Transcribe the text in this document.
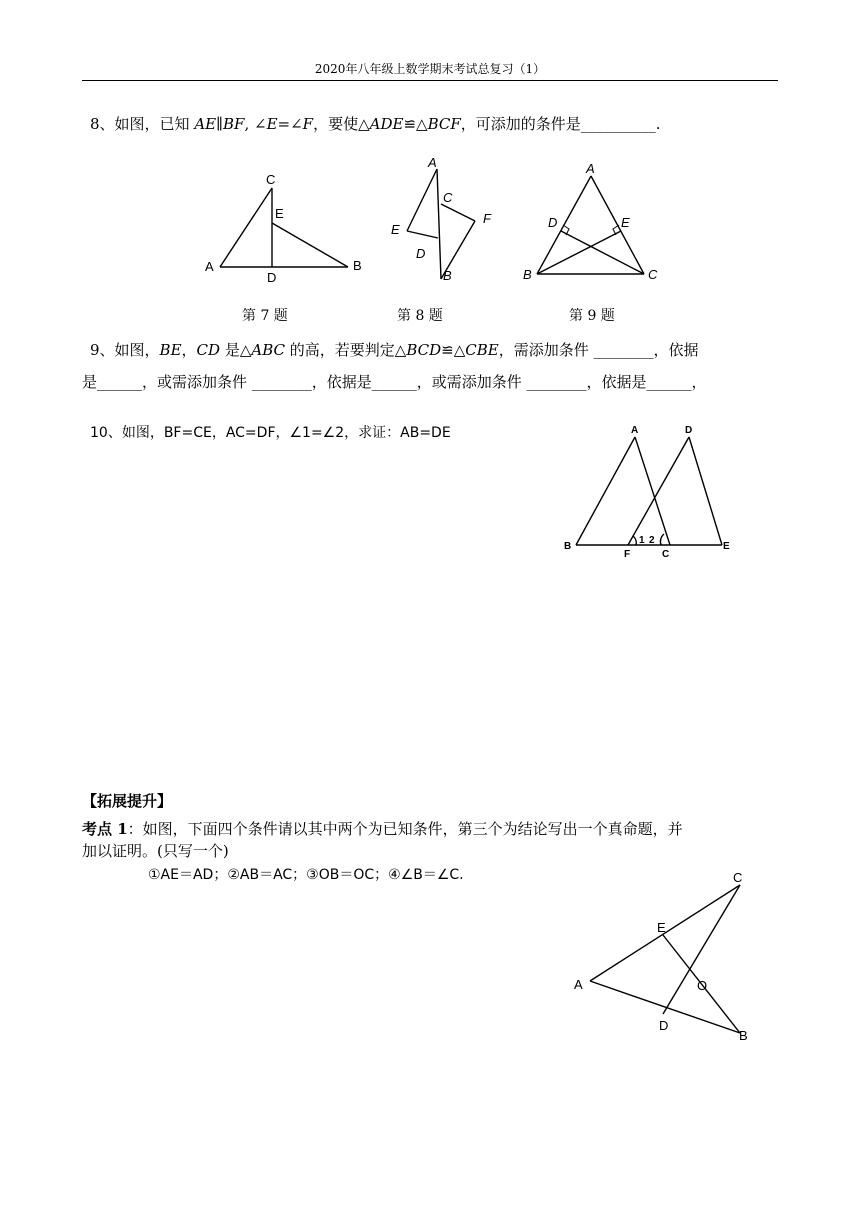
2020年八年级上数学期末考试总复习（1）
8、如图，已知 AE∥BF, ∠E=∠F，要使△ADE≌△BCF，可添加的条件是__________.
C
E
A
D
B
A
C
F
E
D
B
A
D	E
B	C
第 7 题	第 8 题	第 9 题
9、如图，BE，CD 是△ABC 的高，若要判定△BCD≌△CBE，需添加条件 ________，依据
是______，或需添加条件 ________，依据是______，或需添加条件 ________，依据是______，
10、如图，BF=CE，AC=DF，∠1=∠2，求证：AB=DE	A	D
B
F
1 2
C
E
【拓展提升】
考点 1：如图，下面四个条件请以其中两个为已知条件，第三个为结论写出一个真命题，并
加以证明。(只写一个)
①AE＝AD；②AB＝AC；③OB＝OC；④∠B＝∠C.	C
E
A	O
D
B
